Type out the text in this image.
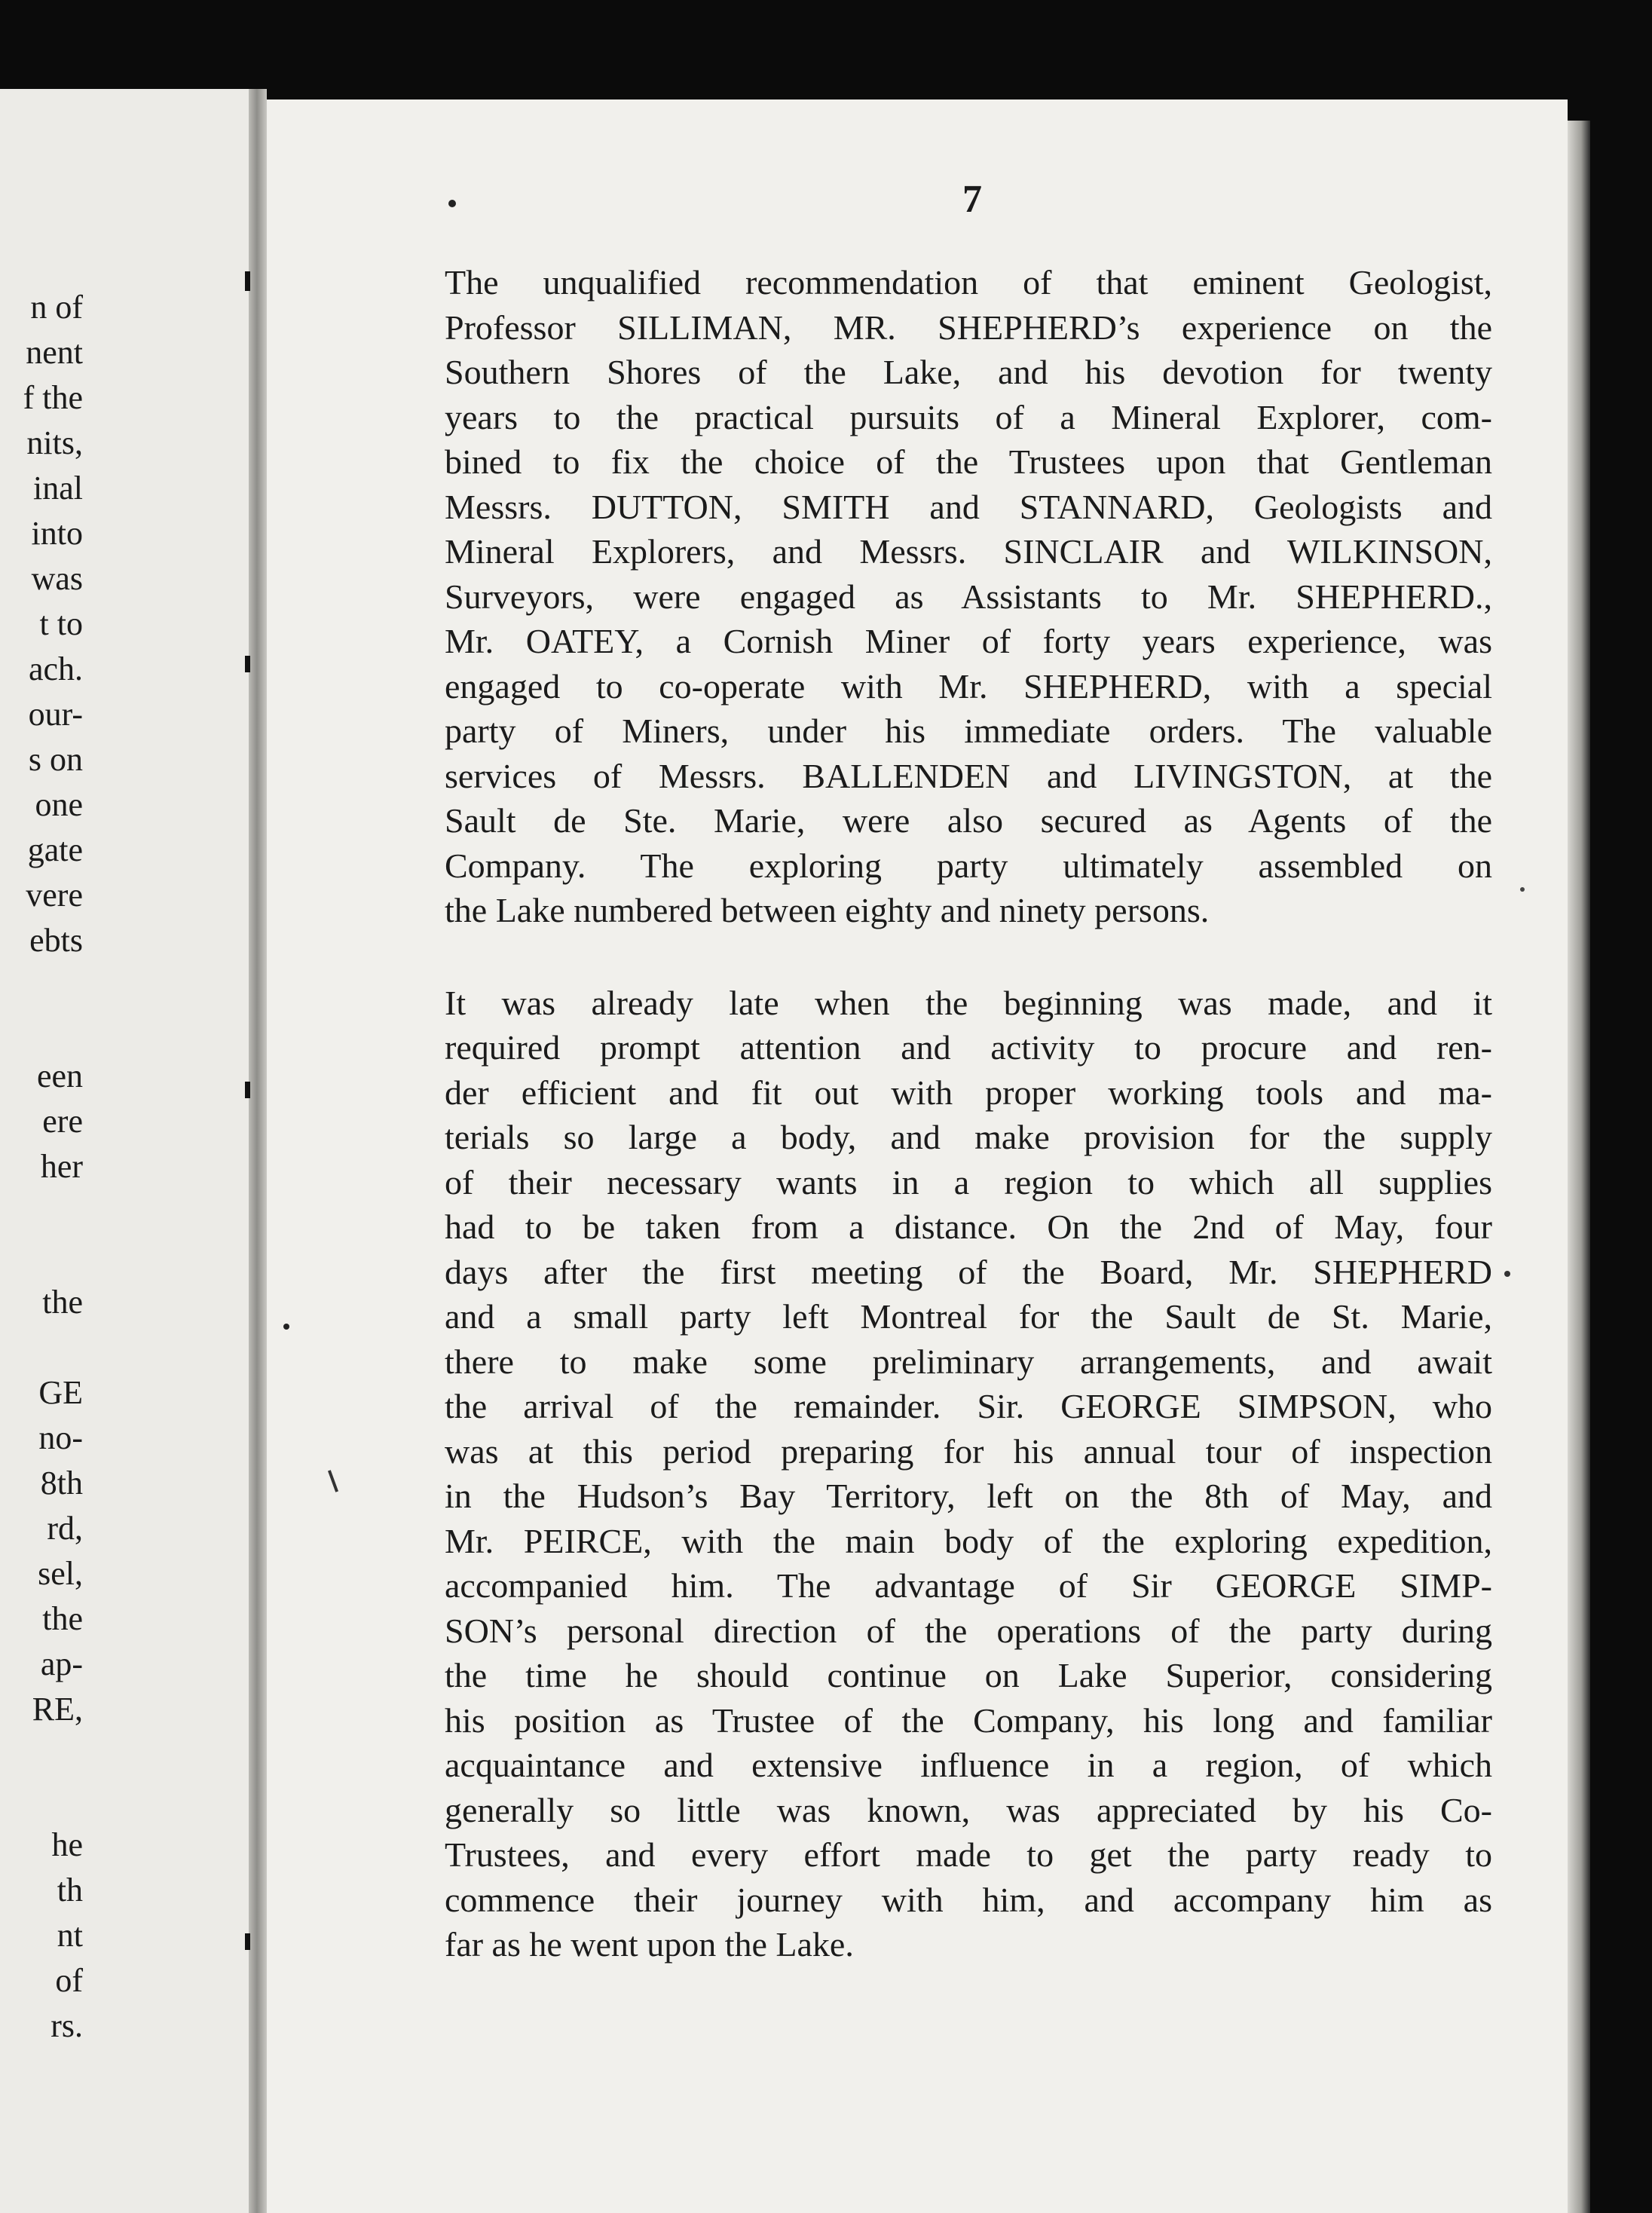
n of
nent
f the
nits,
inal
into
was
t to
ach.
our-
s on
one
gate
vere
ebts
een
ere
her
the
GE
no-
8th
rd,
sel,
the
ap-
RE,
he
th
nt
of
rs.
7

The unqualified recommendation of that eminent Geologist,
Professor SILLIMAN, MR. SHEPHERD’s experience on the
Southern Shores of the Lake, and his devotion for twenty
years to the practical pursuits of a Mineral Explorer, com-
bined to fix the choice of the Trustees upon that Gentleman
Messrs. DUTTON, SMITH and STANNARD, Geologists and
Mineral Explorers, and Messrs. SINCLAIR and WILKINSON,
Surveyors, were engaged as Assistants to Mr. SHEPHERD.,
Mr. OATEY, a Cornish Miner of forty years experience, was
engaged to co-operate with Mr. SHEPHERD, with a special
party of Miners, under his immediate orders. The valuable
services of Messrs. BALLENDEN and LIVINGSTON, at the
Sault de Ste. Marie, were also secured as Agents of the
Company. The exploring party ultimately assembled on
the Lake numbered between eighty and ninety persons.

It was already late when the beginning was made, and it
required prompt attention and activity to procure and ren-
der efficient and fit out with proper working tools and ma-
terials so large a body, and make provision for the supply
of their necessary wants in a region to which all supplies
had to be taken from a distance. On the 2nd of May, four
days after the first meeting of the Board, Mr. SHEPHERD
and a small party left Montreal for the Sault de St. Marie,
there to make some preliminary arrangements, and await
the arrival of the remainder. Sir. GEORGE SIMPSON, who
was at this period preparing for his annual tour of inspection
in the Hudson’s Bay Territory, left on the 8th of May, and
Mr. PEIRCE, with the main body of the exploring expedition,
accompanied him. The advantage of Sir GEORGE SIMP-
SON’s personal direction of the operations of the party during
the time he should continue on Lake Superior, considering
his position as Trustee of the Company, his long and familiar
acquaintance and extensive influence in a region, of which
generally so little was known, was appreciated by his Co-
Trustees, and every effort made to get the party ready to
commence their journey with him, and accompany him as
far as he went upon the Lake.
